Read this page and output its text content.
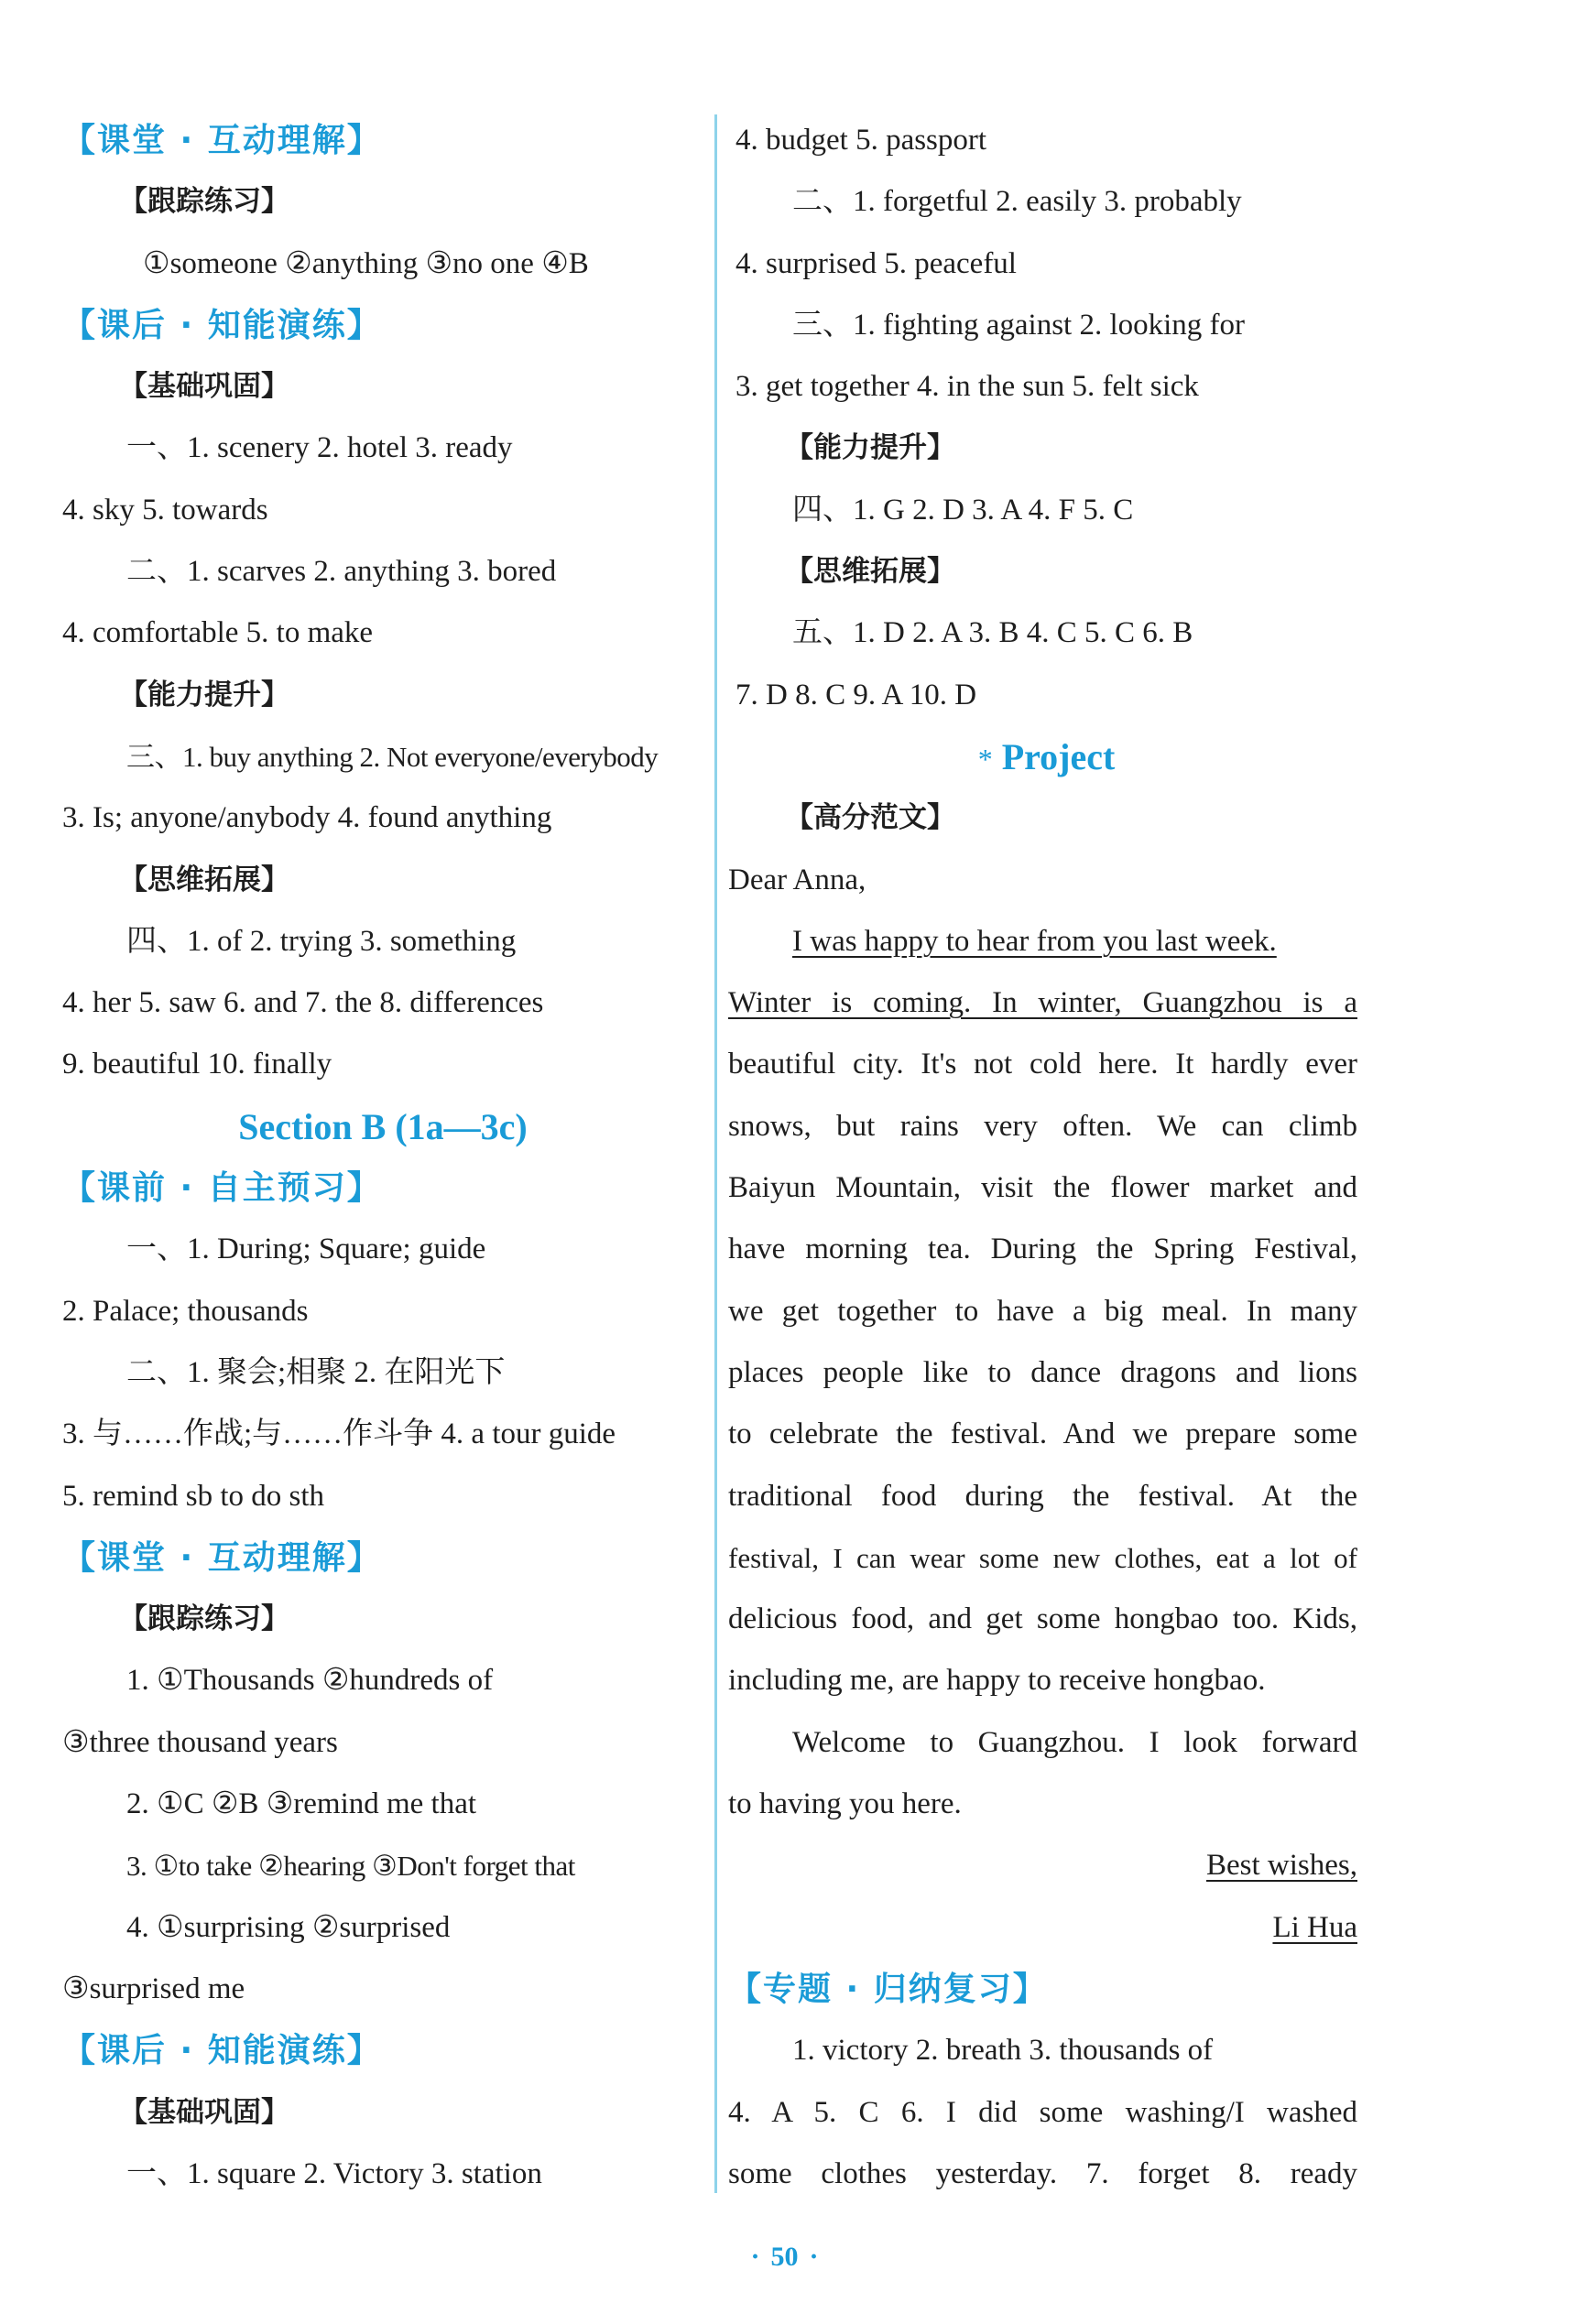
【课堂 · 互动理解】
【跟踪练习】
①someone ②anything ③no one ④B
【课后 · 知能演练】
【基础巩固】
一、1. scenery 2. hotel 3. ready
4. sky 5. towards
二、1. scarves 2. anything 3. bored
4. comfortable 5. to make
【能力提升】
三、1. buy anything 2. Not everyone/everybody
3. Is; anyone/anybody 4. found anything
【思维拓展】
四、1. of 2. trying 3. something
4. her 5. saw 6. and 7. the 8. differences
9. beautiful 10. finally
Section B (1a—3c)
【课前 · 自主预习】
一、1. During; Square; guide
2. Palace; thousands
二、1. 聚会;相聚 2. 在阳光下
3. 与……作战;与……作斗争 4. a tour guide
5. remind sb to do sth
【课堂 · 互动理解】
【跟踪练习】
1. ①Thousands ②hundreds of
③three thousand years
2. ①C ②B ③remind me that
3. ①to take ②hearing ③Don't forget that
4. ①surprising ②surprised
③surprised me
【课后 · 知能演练】
【基础巩固】
一、1. square 2. Victory 3. station
4. budget 5. passport
二、1. forgetful 2. easily 3. probably
4. surprised 5. peaceful
三、1. fighting against 2. looking for
3. get together 4. in the sun 5. felt sick
【能力提升】
四、1. G 2. D 3. A 4. F 5. C
【思维拓展】
五、1. D 2. A 3. B 4. C 5. C 6. B
7. D 8. C 9. A 10. D
* Project
【高分范文】
Dear Anna,
I was happy to hear from you last week.
Winter is coming. In winter, Guangzhou is a
beautiful city. It's not cold here. It hardly ever
snows, but rains very often. We can climb
Baiyun Mountain, visit the flower market and
have morning tea. During the Spring Festival,
we get together to have a big meal. In many
places people like to dance dragons and lions
to celebrate the festival. And we prepare some
traditional food during the festival. At the
festival, I can wear some new clothes, eat a lot of
delicious food, and get some hongbao too. Kids,
including me, are happy to receive hongbao.
Welcome to Guangzhou. I look forward
to having you here.
Best wishes,
Li Hua
【专题 · 归纳复习】
1. victory 2. breath 3. thousands of
4. A 5. C 6. I did some washing/I washed
some clothes yesterday. 7. forget 8. ready
· 50 ·
